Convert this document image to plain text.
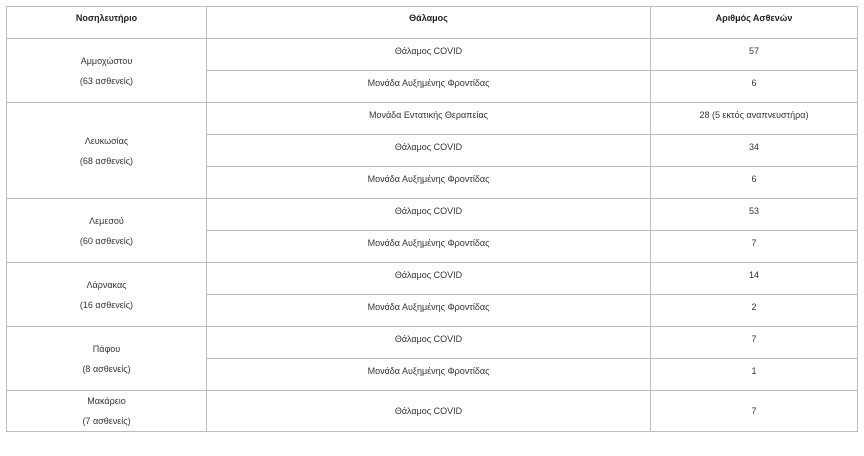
Νοσηλευτήριο	Θάλαμος	Αριθμός Ασθενών

Αμμοχώστου
(63 ασθενείς)	Θάλαμος COVID	57
	Μονάδα Αυξημένης Φροντίδας	6

Λευκωσίας
(68 ασθενείς)	Μονάδα Εντατικής Θεραπείας	28 (5 εκτός αναπνευστήρα)
	Θάλαμος COVID	34
	Μονάδα Αυξημένης Φροντίδας	6

Λεμεσού
(60 ασθενείς)	Θάλαμος COVID	53
	Μονάδα Αυξημένης Φροντίδας	7

Λάρνακας
(16 ασθενείς)	Θάλαμος COVID	14
	Μονάδα Αυξημένης Φροντίδας	2

Πάφου
(8 ασθενείς)	Θάλαμος COVID	7
	Μονάδα Αυξημένης Φροντίδας	1

Μακάρειο
(7 ασθενείς)	Θάλαμος COVID	7
